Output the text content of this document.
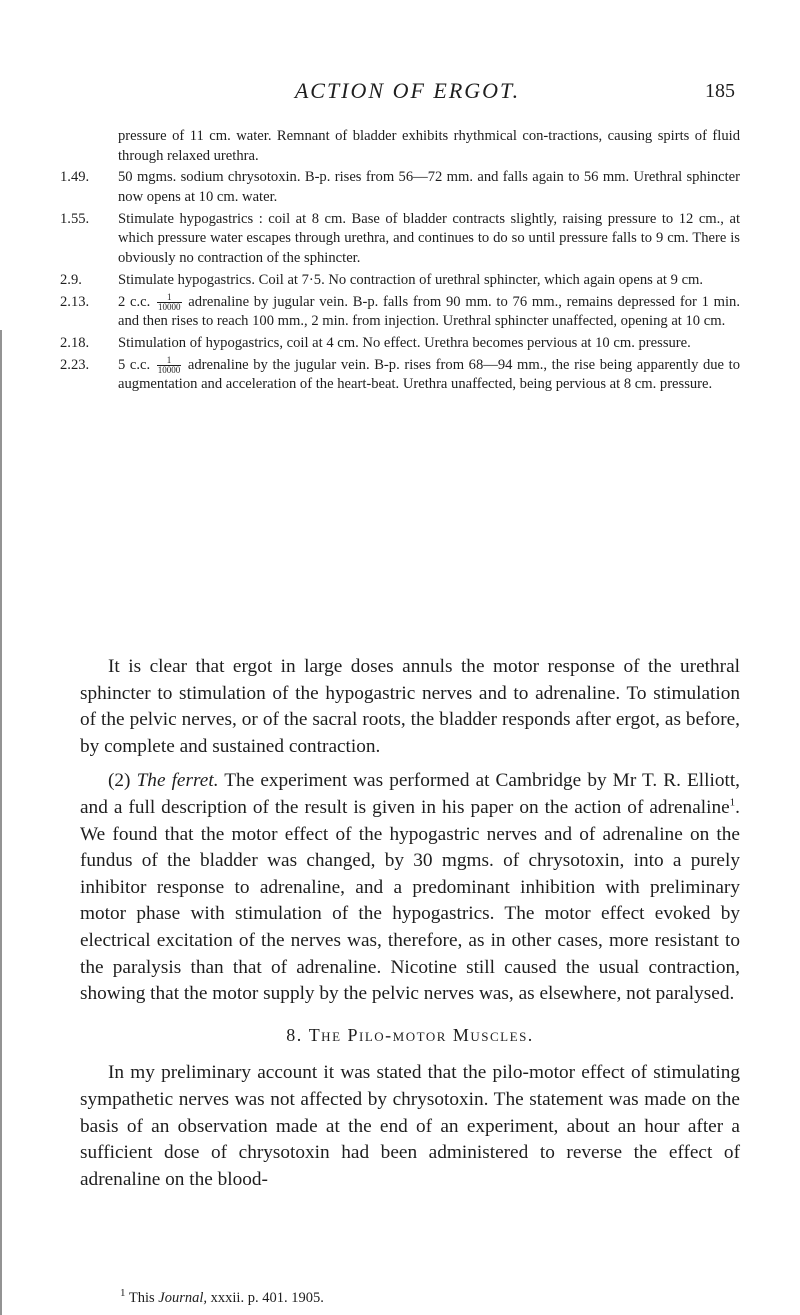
ACTION OF ERGOT.	185
pressure of 11 cm. water. Remnant of bladder exhibits rhythmical con-tractions, causing spirts of fluid through relaxed urethra.
1.49. 50 mgms. sodium chrysotoxin. B-p. rises from 56—72 mm. and falls again to 56 mm. Urethral sphincter now opens at 10 cm. water.
1.55. Stimulate hypogastrics : coil at 8 cm. Base of bladder contracts slightly, raising pressure to 12 cm., at which pressure water escapes through urethra, and continues to do so until pressure falls to 9 cm. There is obviously no contraction of the sphincter.
2.9. Stimulate hypogastrics. Coil at 7·5. No contraction of urethral sphincter, which again opens at 9 cm.
2.13. 2 c.c. $\frac{1}{10000}$ adrenaline by jugular vein. B-p. falls from 90 mm. to 76 mm., remains depressed for 1 min. and then rises to reach 100 mm., 2 min. from injection. Urethral sphincter unaffected, opening at 10 cm.
2.18. Stimulation of hypogastrics, coil at 4 cm. No effect. Urethra becomes pervious at 10 cm. pressure.
2.23. 5 c.c. $\frac{1}{10000}$ adrenaline by the jugular vein. B-p. rises from 68—94 mm., the rise being apparently due to augmentation and acceleration of the heart-beat. Urethra unaffected, being pervious at 8 cm. pressure.

It is clear that ergot in large doses annuls the motor response of the urethral sphincter to stimulation of the hypogastric nerves and to adrenaline. To stimulation of the pelvic nerves, or of the sacral roots, the bladder responds after ergot, as before, by complete and sustained contraction.

(2) The ferret. The experiment was performed at Cambridge by Mr T. R. Elliott, and a full description of the result is given in his paper on the action of adrenaline$^1$. We found that the motor effect of the hypogastric nerves and of adrenaline on the fundus of the bladder was changed, by 30 mgms. of chrysotoxin, into a purely inhibitor response to adrenaline, and a predominant inhibition with preliminary motor phase with stimulation of the hypogastrics. The motor effect evoked by electrical excitation of the nerves was, therefore, as in other cases, more resistant to the paralysis than that of adrenaline. Nicotine still caused the usual contraction, showing that the motor supply by the pelvic nerves was, as elsewhere, not paralysed.

8. The Pilo-motor Muscles.

In my preliminary account it was stated that the pilo-motor effect of stimulating sympathetic nerves was not affected by chrysotoxin. The statement was made on the basis of an observation made at the end of an experiment, about an hour after a sufficient dose of chrysotoxin had been administered to reverse the effect of adrenaline on the blood-

$^1$ This Journal, xxxii. p. 401. 1905.
